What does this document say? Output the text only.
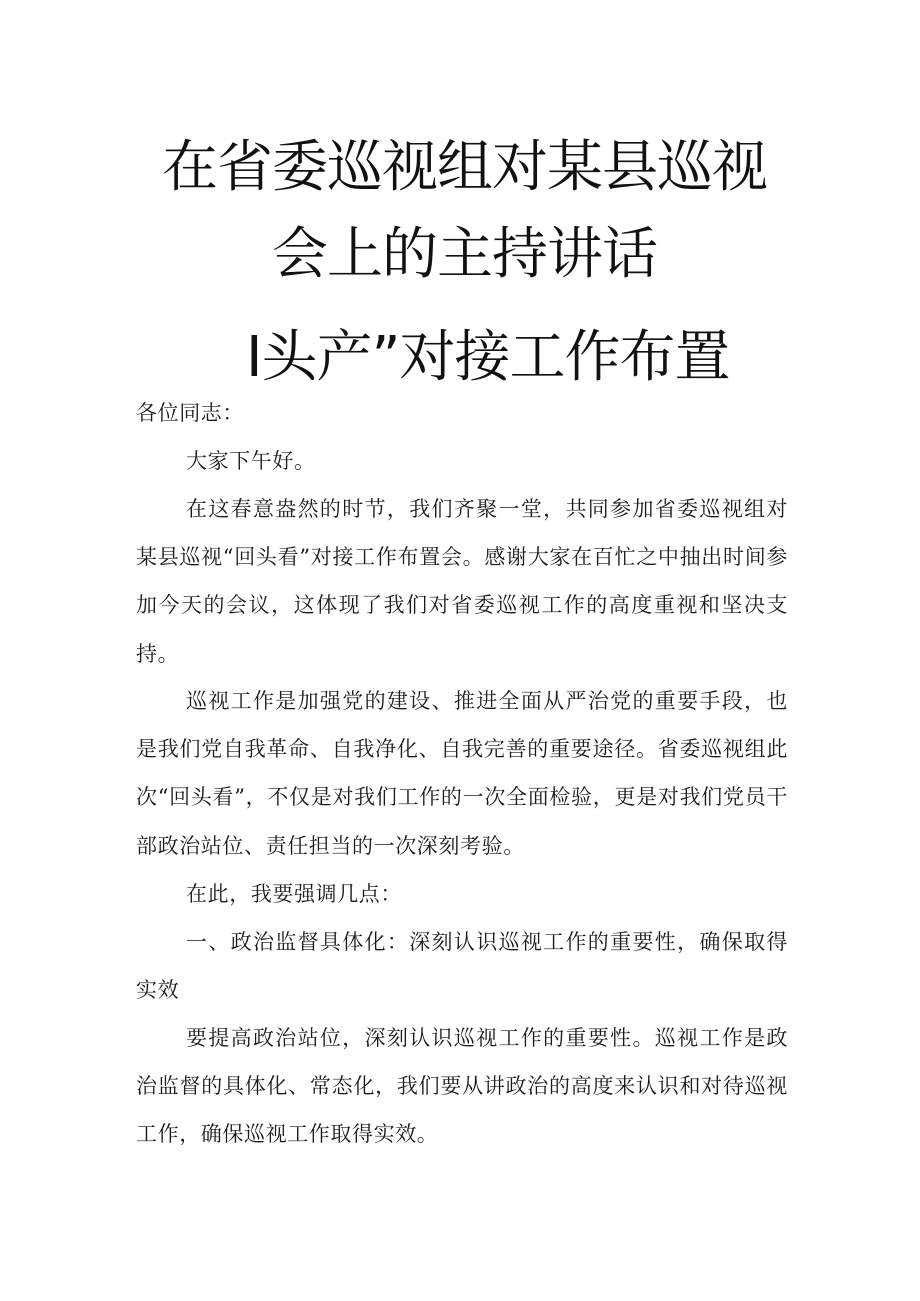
在省委巡视组对某县巡视
会上的主持讲话
I头产”对接工作布置
各位同志：

大家下午好。

在这春意盎然的时节，我们齐聚一堂，共同参加省委巡视组对某县巡视“回头看”对接工作布置会。感谢大家在百忙之中抽出时间参加今天的会议，这体现了我们对省委巡视工作的高度重视和坚决支持。

巡视工作是加强党的建设、推进全面从严治党的重要手段，也是我们党自我革命、自我净化、自我完善的重要途径。省委巡视组此次“回头看”，不仅是对我们工作的一次全面检验，更是对我们党员干部政治站位、责任担当的一次深刻考验。

在此，我要强调几点：

一、政治监督具体化：深刻认识巡视工作的重要性，确保取得实效

要提高政治站位，深刻认识巡视工作的重要性。巡视工作是政治监督的具体化、常态化，我们要从讲政治的高度来认识和对待巡视工作，确保巡视工作取得实效。
